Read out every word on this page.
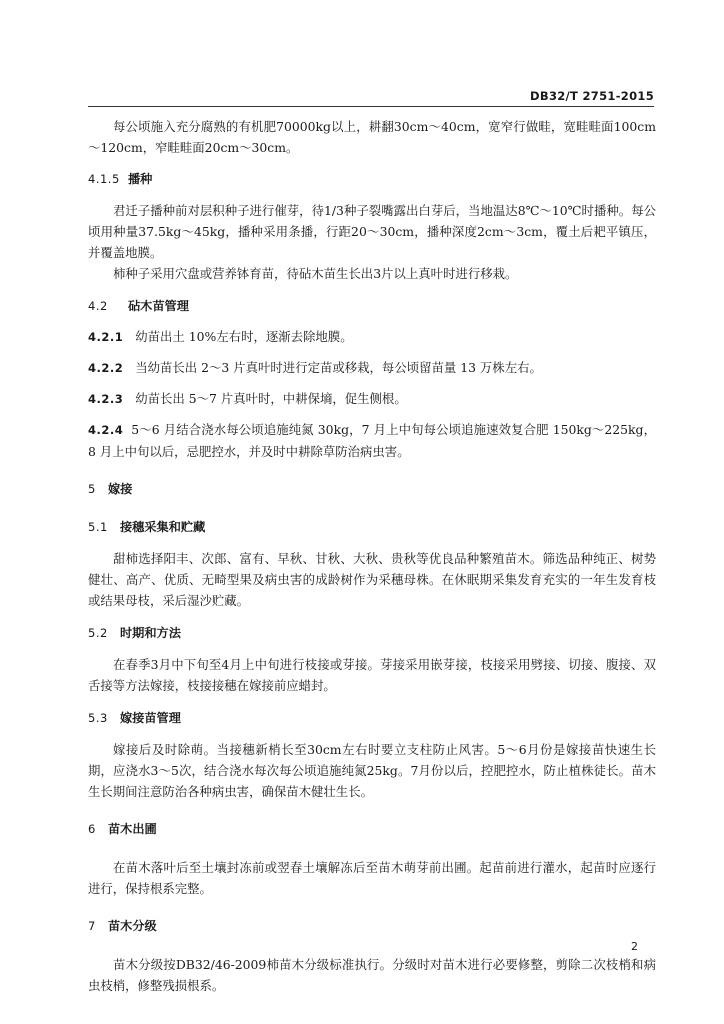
DB32/T 2751-2015

每公顷施入充分腐熟的有机肥70000kg以上，耕翻30cm～40cm，宽窄行做畦，宽畦畦面100cm～120cm，窄畦畦面20cm～30cm。

4.1.5 播种

君迁子播种前对层积种子进行催芽，待1/3种子裂嘴露出白芽后，当地温达8℃～10℃时播种。每公顷用种量37.5kg～45kg，播种采用条播，行距20～30cm，播种深度2cm～3cm，覆土后耙平镇压，并覆盖地膜。

柿种子采用穴盘或营养钵育苗，待砧木苗生长出3片以上真叶时进行移栽。

4.2	砧木苗管理

4.2.1 幼苗出土 10%左右时，逐渐去除地膜。

4.2.2 当幼苗长出 2～3 片真叶时进行定苗或移栽，每公顷留苗量 13 万株左右。

4.2.3 幼苗长出 5～7 片真叶时，中耕保墒，促生侧根。

4.2.4 5～6 月结合浇水每公顷追施纯氮 30kg，7 月上中旬每公顷追施速效复合肥 150kg～225kg，8 月上中旬以后，忌肥控水，并及时中耕除草防治病虫害。

5 嫁接
5.1	接穗采集和贮藏

甜柿选择阳丰、次郎、富有、早秋、甘秋、大秋、贵秋等优良品种繁殖苗木。筛选品种纯正、树势健壮、高产、优质、无畸型果及病虫害的成龄树作为采穗母株。在休眠期采集发育充实的一年生发育枝或结果母枝，采后湿沙贮藏。

5.2	时期和方法

在春季3月中下旬至4月上中旬进行枝接或芽接。芽接采用嵌芽接，枝接采用劈接、切接、腹接、双舌接等方法嫁接，枝接接穗在嫁接前应蜡封。

5.3	嫁接苗管理

嫁接后及时除萌。当接穗新梢长至30cm左右时要立支柱防止风害。5～6月份是嫁接苗快速生长期，应浇水3～5次，结合浇水每次每公顷追施纯氮25kg。7月份以后，控肥控水，防止植株徒长。苗木生长期间注意防治各种病虫害，确保苗木健壮生长。

6 苗木出圃

在苗木落叶后至土壤封冻前或翌春土壤解冻后至苗木萌芽前出圃。起苗前进行灌水，起苗时应逐行进行，保持根系完整。

7 苗木分级

苗木分级按DB32/46-2009柿苗木分级标准执行。分级时对苗木进行必要修整，剪除二次枝梢和病虫枝梢，修整残损根系。

2
